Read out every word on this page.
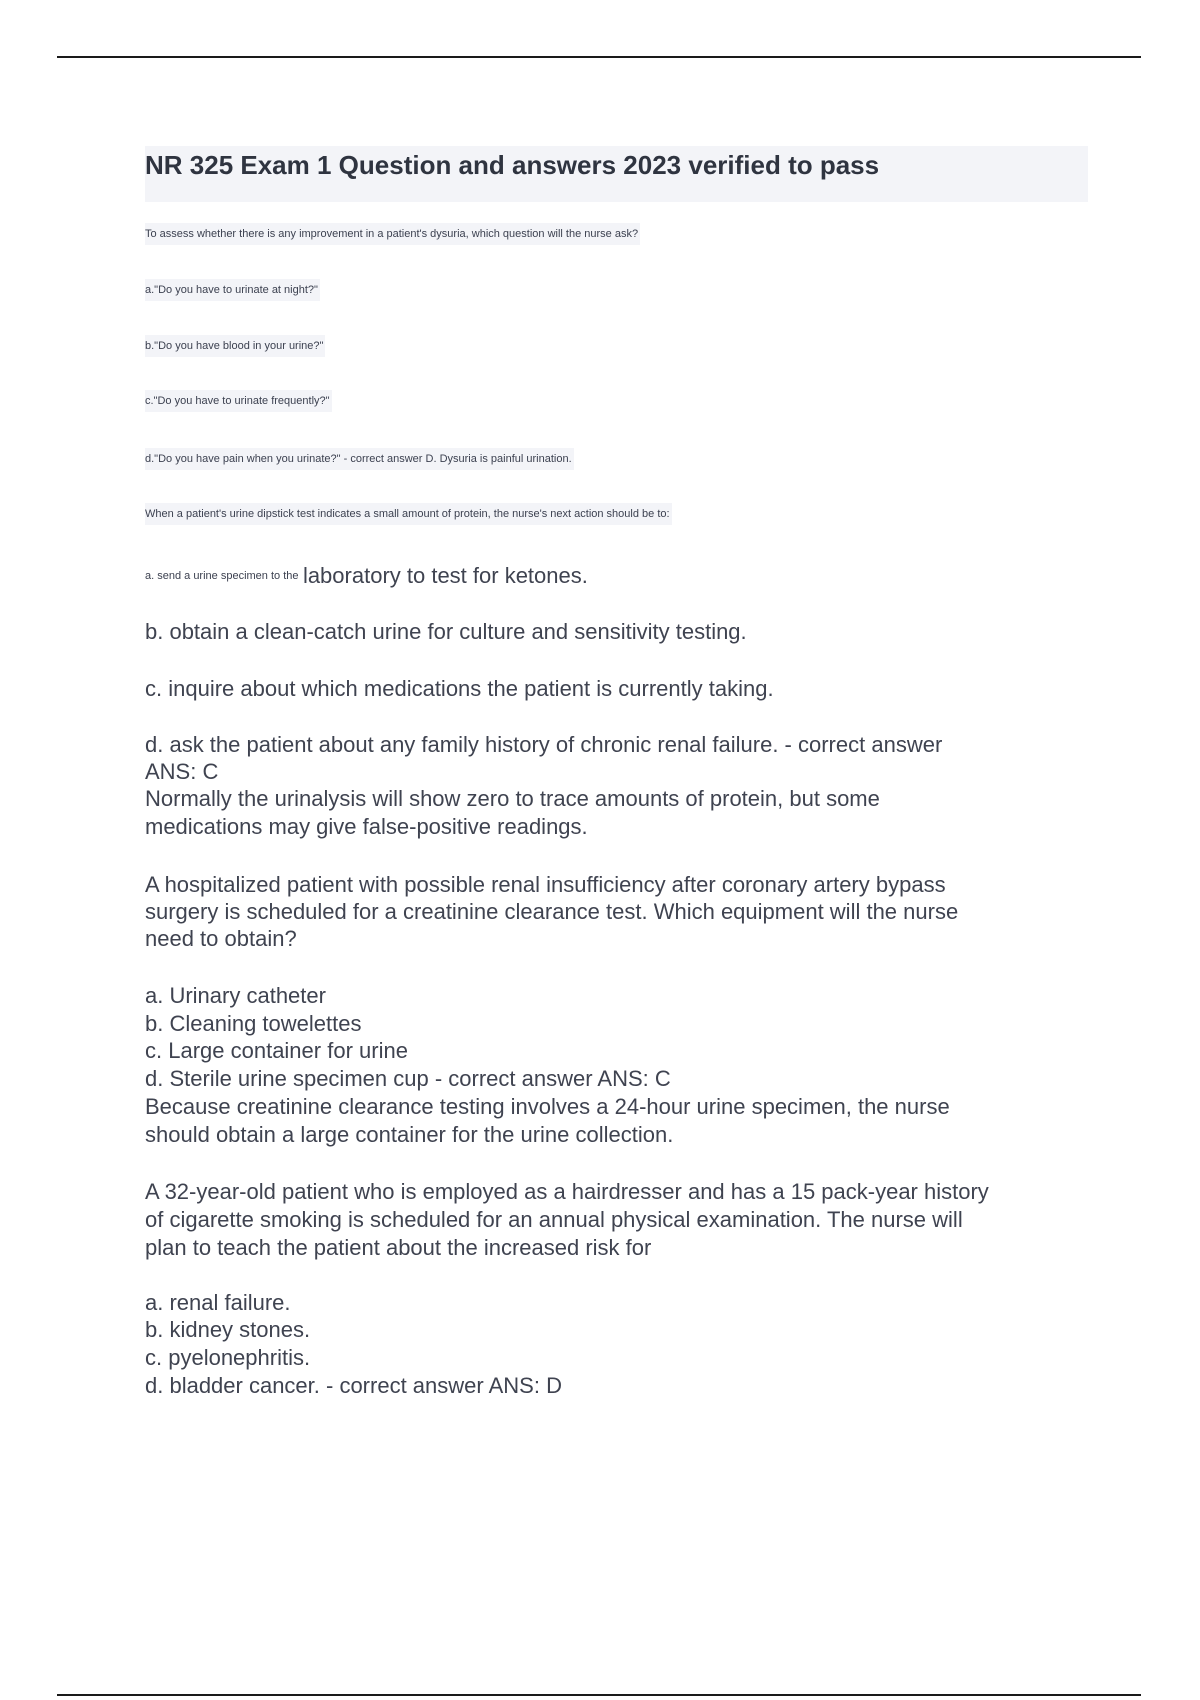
NR 325 Exam 1 Question and answers 2023 verified to pass
To assess whether there is any improvement in a patient's dysuria, which question will the nurse ask?
a."Do you have to urinate at night?"
b."Do you have blood in your urine?"
c."Do you have to urinate frequently?"
d."Do you have pain when you urinate?" - correct answer D. Dysuria is painful urination.
When a patient's urine dipstick test indicates a small amount of protein, the nurse's next action should be to:
$^{a. send a urine specimen to the}$ laboratory to test for ketones.
b. obtain a clean-catch urine for culture and sensitivity testing.
c. inquire about which medications the patient is currently taking.
d. ask the patient about any family history of chronic renal failure. - correct answer
ANS: C
Normally the urinalysis will show zero to trace amounts of protein, but some
medications may give false-positive readings.
A hospitalized patient with possible renal insufficiency after coronary artery bypass
surgery is scheduled for a creatinine clearance test. Which equipment will the nurse
need to obtain?
a. Urinary catheter
b. Cleaning towelettes
c. Large container for urine
d. Sterile urine specimen cup - correct answer ANS: C
Because creatinine clearance testing involves a 24-hour urine specimen, the nurse
should obtain a large container for the urine collection.
A 32-year-old patient who is employed as a hairdresser and has a 15 pack-year history
of cigarette smoking is scheduled for an annual physical examination. The nurse will
plan to teach the patient about the increased risk for
a. renal failure.
b. kidney stones.
c. pyelonephritis.
d. bladder cancer. - correct answer ANS: D
